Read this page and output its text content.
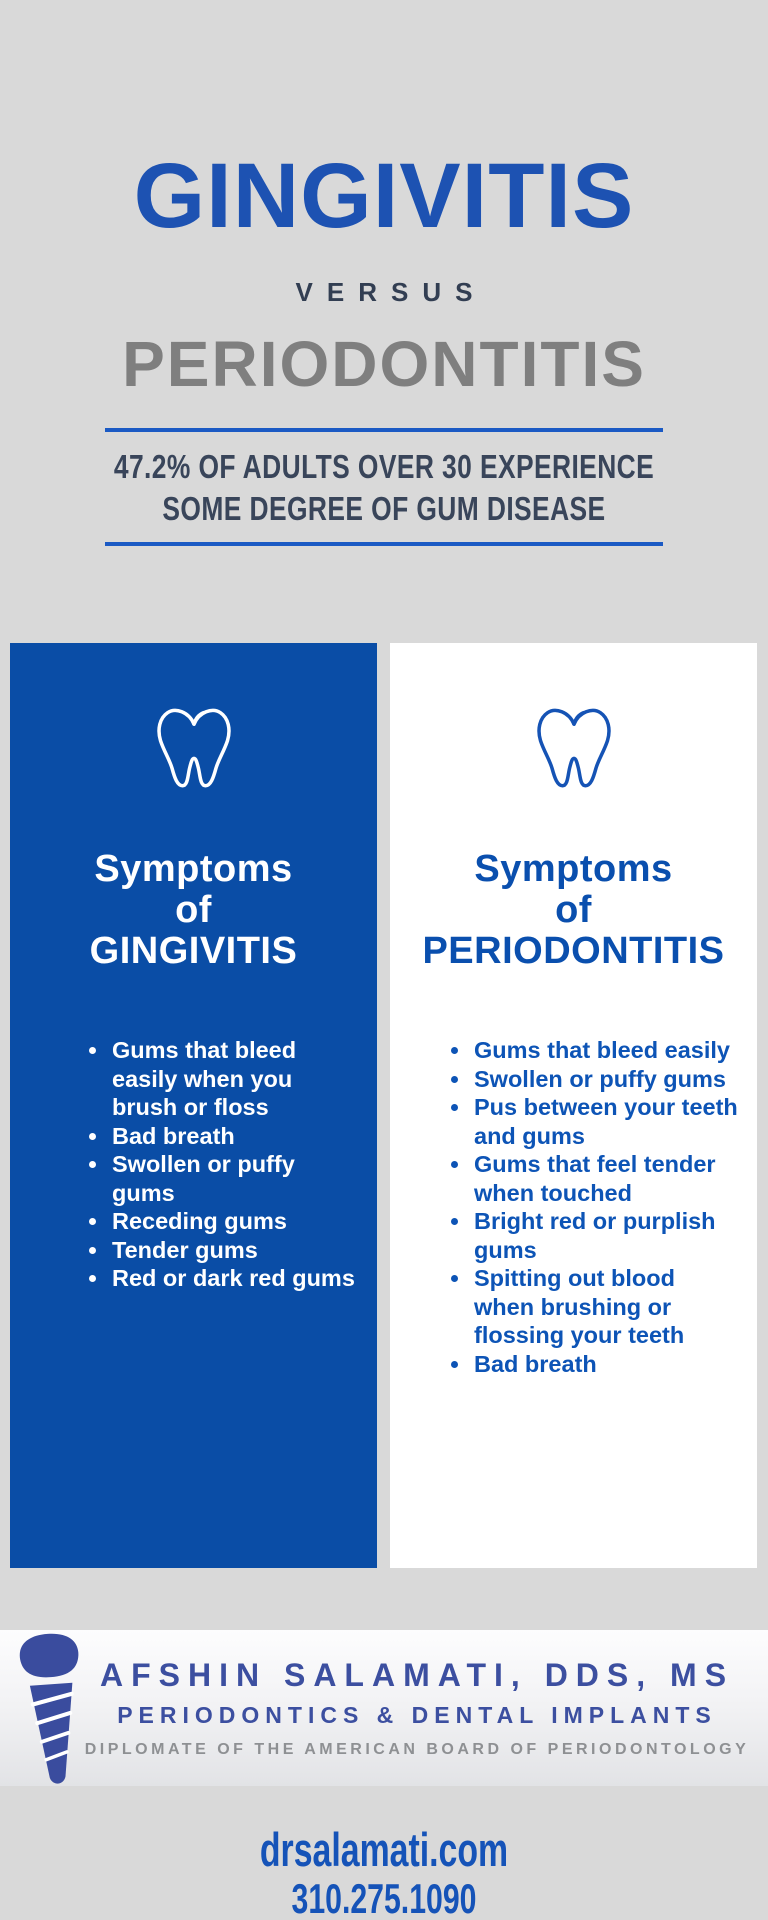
GINGIVITIS
VERSUS
PERIODONTITIS
47.2% OF ADULTS OVER 30 EXPERIENCE
SOME DEGREE OF GUM DISEASE
Symptoms
of
GINGIVITIS
• Gums that bleed easily when you brush or floss
• Bad breath
• Swollen or puffy gums
• Receding gums
• Tender gums
• Red or dark red gums
Symptoms
of
PERIODONTITIS
• Gums that bleed easily
• Swollen or puffy gums
• Pus between your teeth and gums
• Gums that feel tender when touched
• Bright red or purplish gums
• Spitting out blood when brushing or flossing your teeth
• Bad breath
AFSHIN SALAMATI, DDS, MS
PERIODONTICS & DENTAL IMPLANTS
DIPLOMATE OF THE AMERICAN BOARD OF PERIODONTOLOGY
drsalamati.com
310.275.1090
